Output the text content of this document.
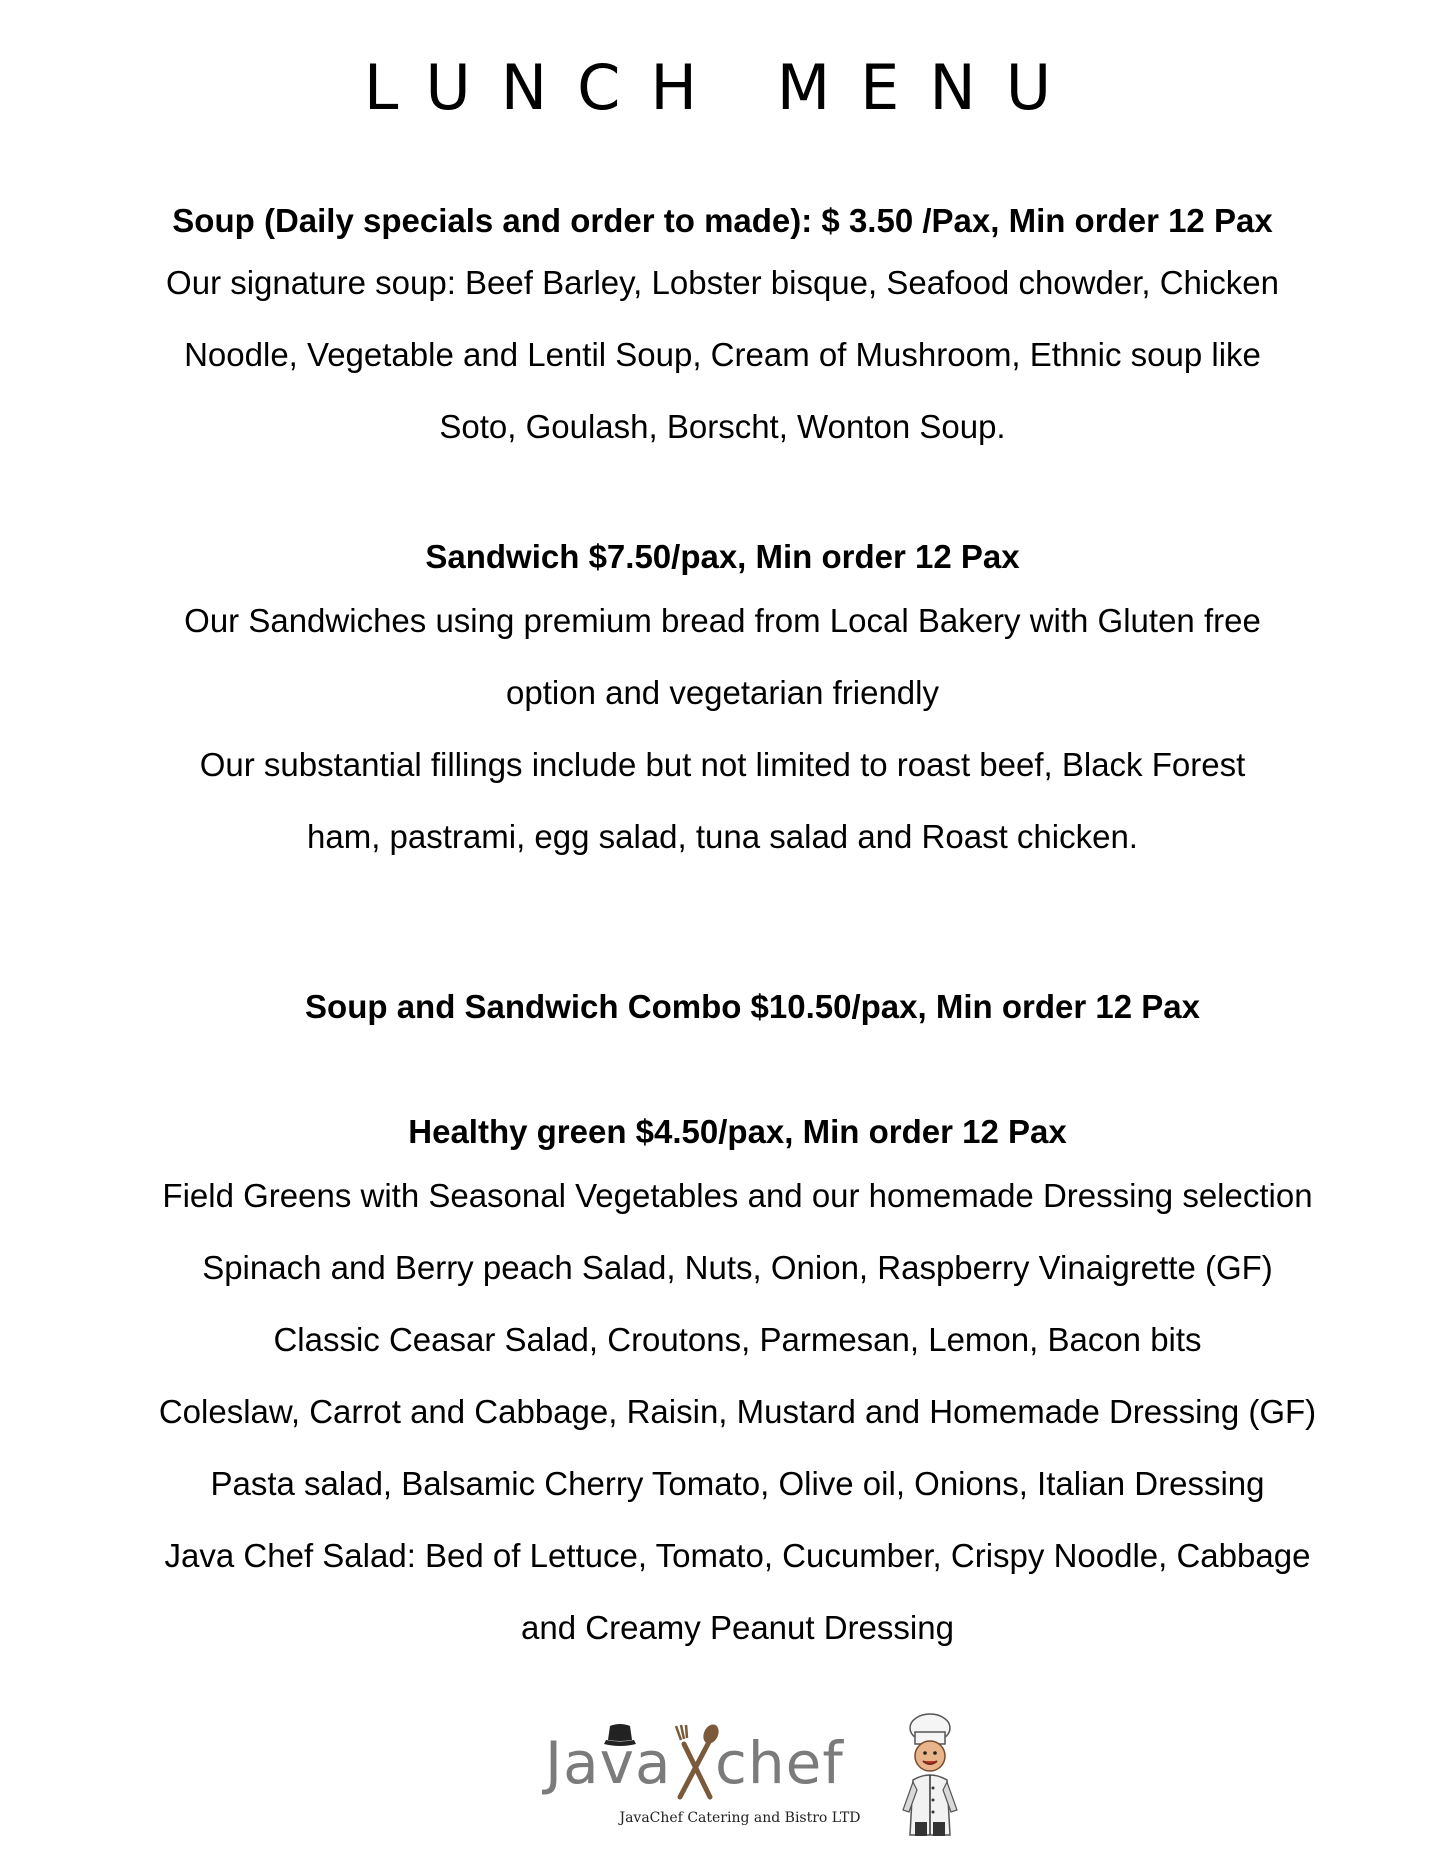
LUNCH MENU

Soup (Daily specials and order to made): $ 3.50 /Pax, Min order 12 Pax

Our signature soup: Beef Barley, Lobster bisque, Seafood chowder, Chicken
Noodle, Vegetable and Lentil Soup, Cream of Mushroom, Ethnic soup like
Soto, Goulash, Borscht, Wonton Soup.

Sandwich $7.50/pax, Min order 12 Pax

Our Sandwiches using premium bread from Local Bakery with Gluten free
option and vegetarian friendly
Our substantial fillings include but not limited to roast beef, Black Forest
ham, pastrami, egg salad, tuna salad and Roast chicken.

Soup and Sandwich Combo $10.50/pax, Min order 12 Pax

Healthy green $4.50/pax, Min order 12 Pax

Field Greens with Seasonal Vegetables and our homemade Dressing selection
Spinach and Berry peach Salad, Nuts, Onion, Raspberry Vinaigrette (GF)
Classic Ceasar Salad, Croutons, Parmesan, Lemon, Bacon bits
Coleslaw, Carrot and Cabbage, Raisin, Mustard and Homemade Dressing (GF)
Pasta salad, Balsamic Cherry Tomato, Olive oil, Onions, Italian Dressing
Java Chef Salad: Bed of Lettuce, Tomato, Cucumber, Crispy Noodle, Cabbage
and Creamy Peanut Dressing

Java chef
JavaChef Catering and Bistro LTD
